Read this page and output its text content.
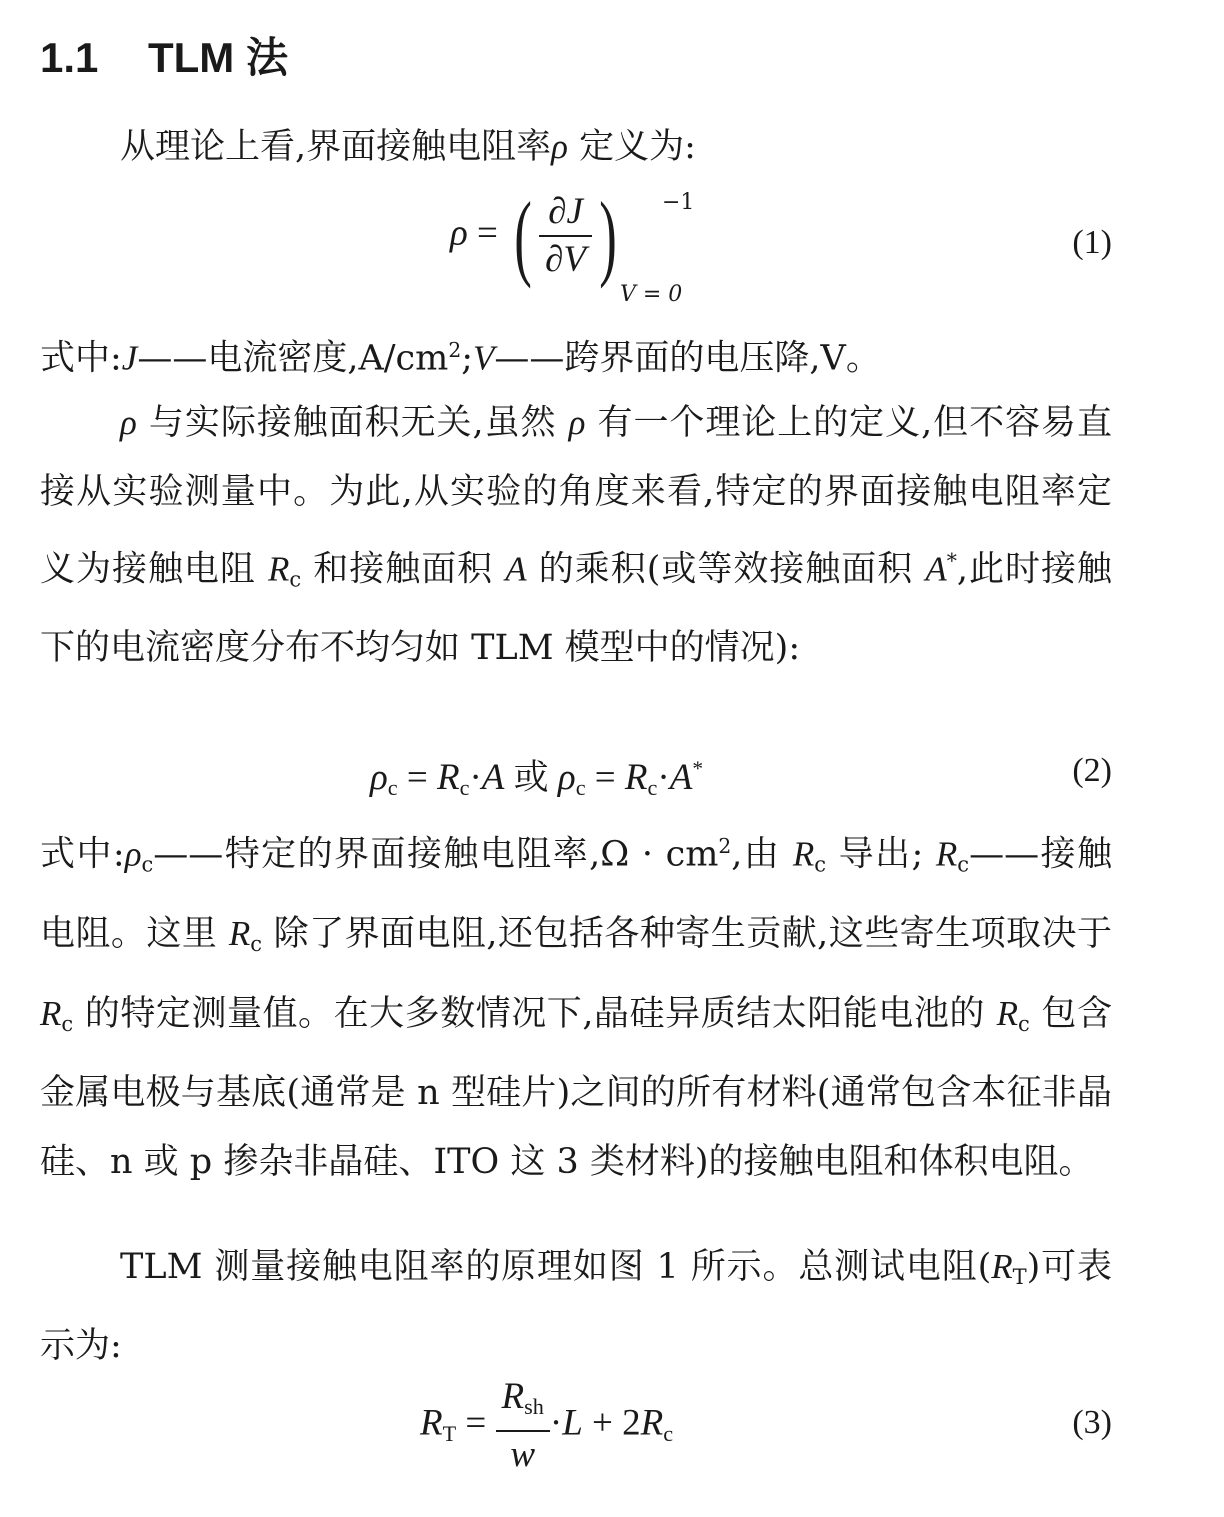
1.1 TLM 法

从理论上看,界面接触电阻率ρ 定义为:

ρ = ( $\frac{\partial J}{\partial V}$ )	−1
V = 0
(1)

式中:J——电流密度$,A/cm^2;V——$跨界面的电压降,V。

ρ 与实际接触面积无关,虽然 ρ 有一个理论上的定义,但不容易直接从实验测量中。为此,从实验的角度来看,特定的界面接触电阻率定义为接触电阻 $R_c$ 和接触面积 A 的乘积(或等效接触面积 A*,此时接触下的电流密度分布不均匀如 TLM 模型中的情况):

$\rho_c = R_c\cdot A$ 或 $\rho_c = R_c\cdot A^*$	(2)

式中$:\rho_c——$特定的界面接触电阻率$,\Omega \cdot cm^2$,由 $R_c$ 导出; $R_c——$接触电阻。这里 $R_c$ 除了界面电阻,还包括各种寄生贡献,这些寄生项取决于 $R_c$ 的特定测量值。在大多数情况下,晶硅异质结太阳能电池的 $R_c$ 包含金属电极与基底(通常是 n 型硅片)之间的所有材料(通常包含本征非晶硅、n 或 p 掺杂非晶硅、ITO 这 3 类材料)的接触电阻和体积电阻。

TLM 测量接触电阻率的原理如图 1 所示。总测试电阻$(R_T)$可表示为:

$R_T = \frac{R_{sh}}{w} \cdot L + 2R_c$	(3)
